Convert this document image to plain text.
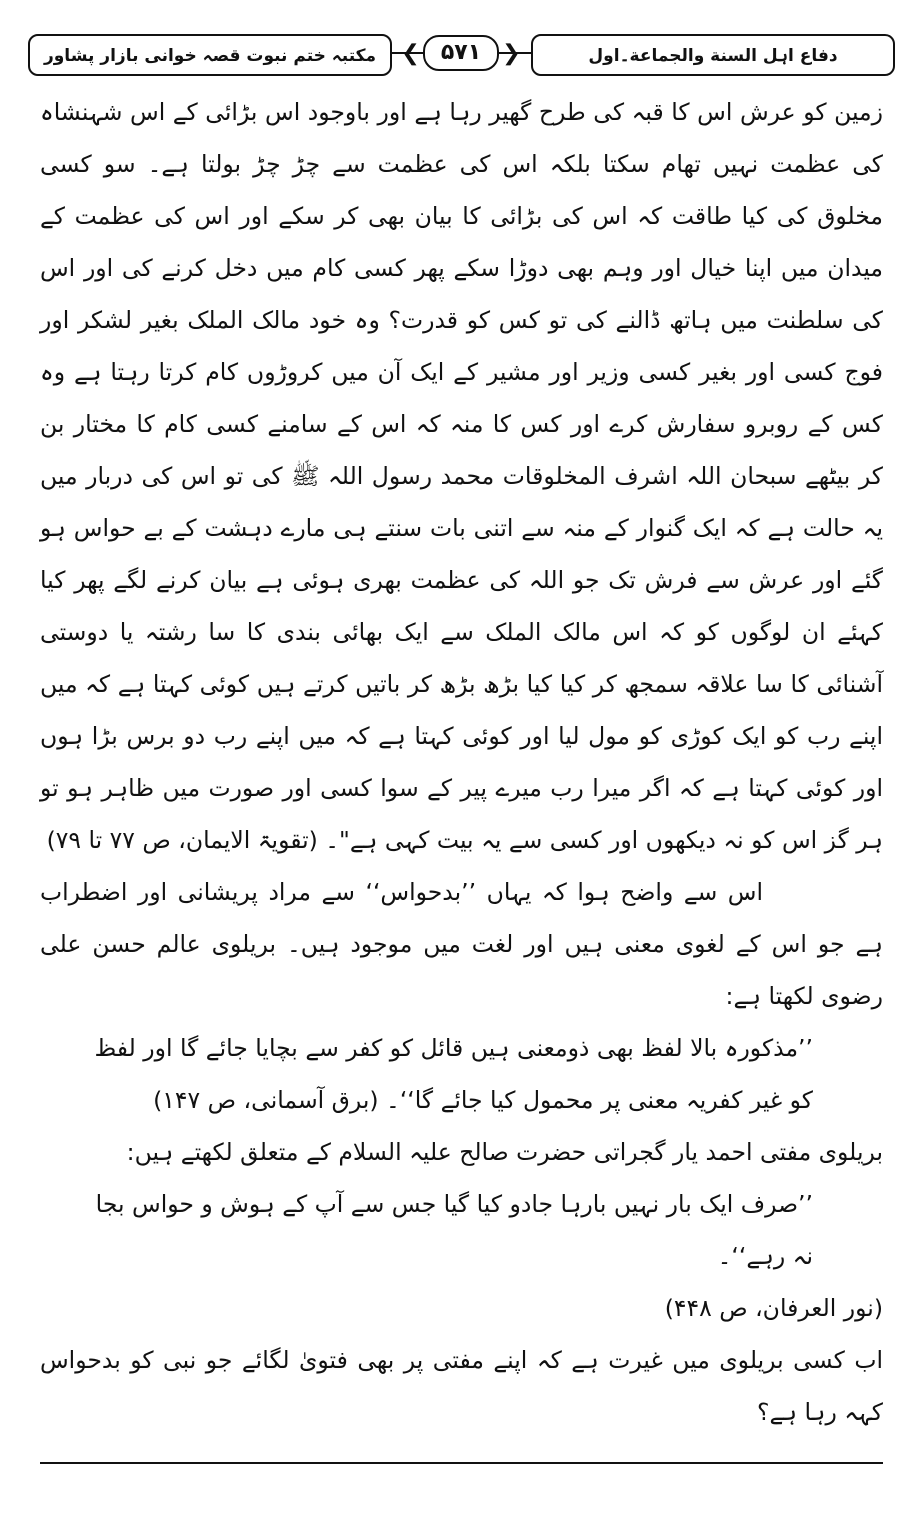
دفاع اہل السنة والجماعة۔اول
❮ ۵۷۱ ❯
مکتبہ ختم نبوت قصہ خوانی بازار پشاور

زمین کو عرش اس کا قبہ کی طرح گھیر رہا ہے اور باوجود اس بڑائی کے اس شہنشاہ کی عظمت نہیں تھام سکتا بلکہ اس کی عظمت سے چڑ چڑ بولتا ہے۔ سو کسی مخلوق کی کیا طاقت کہ اس کی بڑائی کا بیان بھی کر سکے اور اس کی عظمت کے میدان میں اپنا خیال اور وہم بھی دوڑا سکے پھر کسی کام میں دخل کرنے کی اور اس کی سلطنت میں ہاتھ ڈالنے کی تو کس کو قدرت؟ وہ خود مالک الملک بغیر لشکر اور فوج کسی اور بغیر کسی وزیر اور مشیر کے ایک آن میں کروڑوں کام کرتا رہتا ہے وہ کس کے روبرو سفارش کرے اور کس کا منہ کہ اس کے سامنے کسی کام کا مختار بن کر بیٹھے سبحان اللہ اشرف المخلوقات محمد رسول اللہ ﷺ کی تو اس کی دربار میں یہ حالت ہے کہ ایک گنوار کے منہ سے اتنی بات سنتے ہی مارے دہشت کے بے حواس ہو گئے اور عرش سے فرش تک جو اللہ کی عظمت بھری ہوئی ہے بیان کرنے لگے پھر کیا کہئے ان لوگوں کو کہ اس مالک الملک سے ایک بھائی بندی کا سا رشتہ یا دوستی آشنائی کا سا علاقہ سمجھ کر کیا کیا بڑھ بڑھ کر باتیں کرتے ہیں کوئی کہتا ہے کہ میں اپنے رب کو ایک کوڑی کو مول لیا اور کوئی کہتا ہے کہ میں اپنے رب دو برس بڑا ہوں اور کوئی کہتا ہے کہ اگر میرا رب میرے پیر کے سوا کسی اور صورت میں ظاہر ہو تو ہر گز اس کو نہ دیکھوں اور کسی سے یہ بیت کہی ہے"۔ (تقویۃ الایمان، ص ۷۷ تا ۷۹)

اس سے واضح ہوا کہ یہاں ’’بدحواس‘‘ سے مراد پریشانی اور اضطراب ہے جو اس کے لغوی معنی ہیں اور لغت میں موجود ہیں۔ بریلوی عالم حسن علی رضوی لکھتا ہے:

’’مذکورہ بالا لفظ بھی ذومعنی ہیں قائل کو کفر سے بچایا جائے گا اور لفظ کو غیر کفریہ معنی پر محمول کیا جائے گا‘‘۔ (برق آسمانی، ص ۱۴۷)

بریلوی مفتی احمد یار گجراتی حضرت صالح علیہ السلام کے متعلق لکھتے ہیں:

’’صرف ایک بار نہیں بارہا جادو کیا گیا جس سے آپ کے ہوش و حواس بجا نہ رہے‘‘۔

(نور العرفان، ص ۴۴۸)

اب کسی بریلوی میں غیرت ہے کہ اپنے مفتی پر بھی فتویٰ لگائے جو نبی کو بدحواس کہہ رہا ہے؟
